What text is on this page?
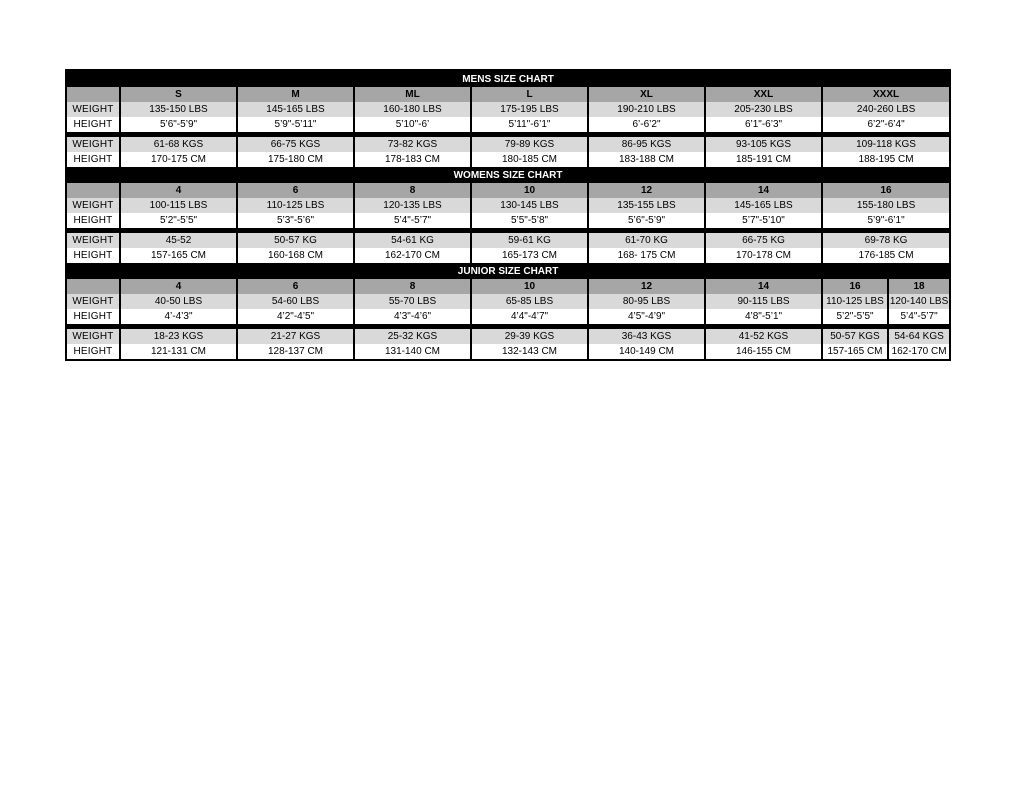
MENS SIZE CHART								
	S	M	ML	L	XL	XXL	XXXL	
WEIGHT	135-150 LBS	145-165 LBS	160-180 LBS	175-195 LBS	190-210 LBS	205-230 LBS	240-260 LBS	
HEIGHT	5’6"-5’9"	5’9"-5’11"	5’10"-6’	5’11"-6’1"	6’-6’2"	6’1"-6’3"	6’2"-6’4"	

WEIGHT	61-68 KGS	66-75 KGS	73-82 KGS	79-89 KGS	86-95 KGS	93-105 KGS	109-118 KGS	
HEIGHT	170-175 CM	175-180 CM	178-183 CM	180-185 CM	183-188 CM	185-191 CM	188-195 CM	
WOMENS SIZE CHART								
	4	6	8	10	12	14	16	
WEIGHT	100-115 LBS	110-125 LBS	120-135 LBS	130-145 LBS	135-155 LBS	145-165 LBS	155-180 LBS	
HEIGHT	5’2"-5’5"	5’3"-5’6"	5’4"-5’7"	5’5"-5’8"	5’6"-5’9"	5’7"-5’10"	5’9"-6’1"	

WEIGHT	45-52	50-57 KG	54-61 KG	59-61 KG	61-70 KG	66-75 KG	69-78 KG	
HEIGHT	157-165 CM	160-168 CM	162-170 CM	165-173 CM	168- 175 CM	170-178 CM	176-185 CM	
JUNIOR SIZE CHART								
	4	6	8	10	12	14	16	18
WEIGHT	40-50 LBS	54-60 LBS	55-70 LBS	65-85 LBS	80-95 LBS	90-115 LBS	110-125 LBS	120-140 LBS
HEIGHT	4’-4’3"	4’2"-4’5"	4’3"-4’6"	4’4"-4’7"	4’5"-4’9"	4’8"-5’1"	5’2"-5’5"	5’4"-5’7"

WEIGHT	18-23 KGS	21-27 KGS	25-32 KGS	29-39 KGS	36-43 KGS	41-52 KGS	50-57 KGS	54-64 KGS
HEIGHT	121-131 CM	128-137 CM	131-140 CM	132-143 CM	140-149 CM	146-155 CM	157-165 CM	162-170 CM
